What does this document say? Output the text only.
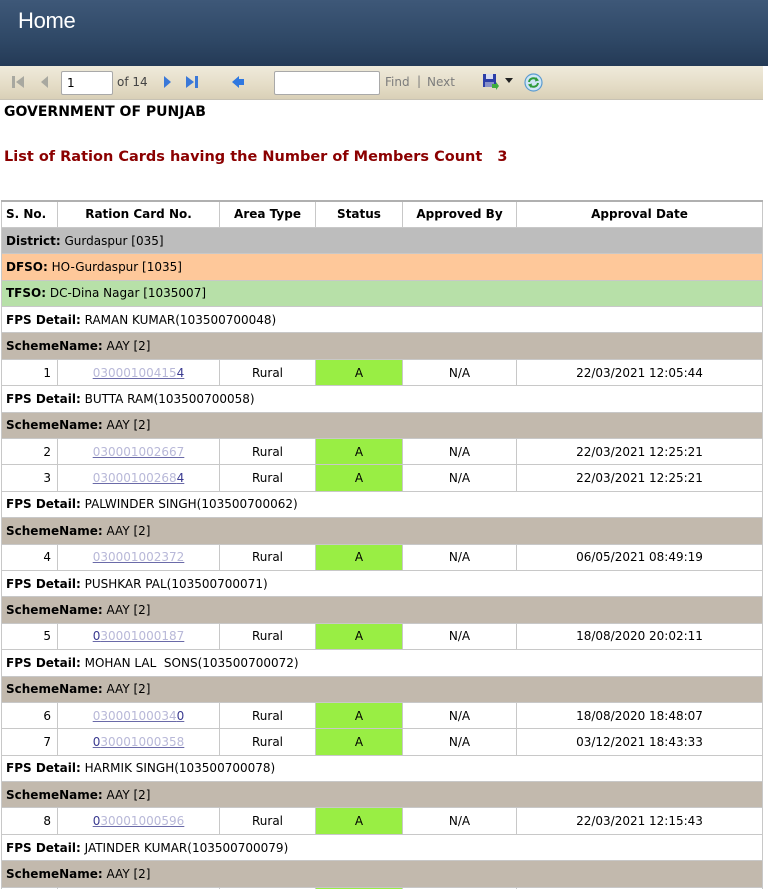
Home
1
of 14	Find | Next
GOVERNMENT OF PUNJAB
List of Ration Cards having the Number of Members Count   3
S. No.	Ration Card No.	Area Type	Status	Approved By	Approval Date
District: Gurdaspur [035]					
DFSO: HO-Gurdaspur [1035]					
TFSO: DC-Dina Nagar [1035007]					
FPS Detail: RAMAN KUMAR(103500700048)					
SchemeName: AAY [2]					
1	030001004154	Rural	A	N/A	22/03/2021 12:05:44
FPS Detail: BUTTA RAM(103500700058)					
SchemeName: AAY [2]					
2	030001002667	Rural	A	N/A	22/03/2021 12:25:21
3	030001002684	Rural	A	N/A	22/03/2021 12:25:21
FPS Detail: PALWINDER SINGH(103500700062)					
SchemeName: AAY [2]					
4	030001002372	Rural	A	N/A	06/05/2021 08:49:19
FPS Detail: PUSHKAR PAL(103500700071)					
SchemeName: AAY [2]					
5	030001000187	Rural	A	N/A	18/08/2020 20:02:11
FPS Detail: MOHAN LAL  SONS(103500700072)					
SchemeName: AAY [2]					
6	030001000340	Rural	A	N/A	18/08/2020 18:48:07
7	030001000358	Rural	A	N/A	03/12/2021 18:43:33
FPS Detail: HARMIK SINGH(103500700078)					
SchemeName: AAY [2]					
8	030001000596	Rural	A	N/A	22/03/2021 12:15:43
FPS Detail: JATINDER KUMAR(103500700079)					
SchemeName: AAY [2]					
